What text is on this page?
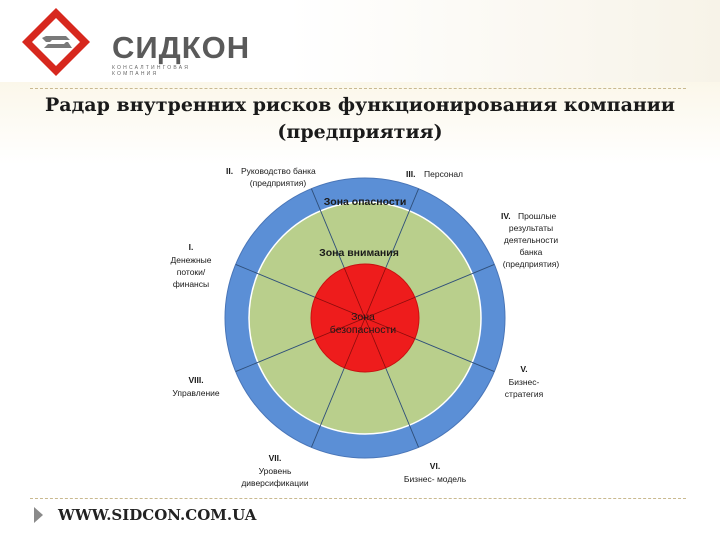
СИДКОН
КОНСАЛТИНГОВАЯ КОМПАНИЯ
Радар внутренних рисков функционирования компании (предприятия)
Зона опасности
Зона внимания
Зона
безопасности
I.
Денежные
потоки/
финансы
II. Руководство банка
(предприятия)
III. Персонал
IV. Прошлые
результаты
деятельности
банка
(предприятия)
V.
Бизнес-
стратегия
VI.
Бизнес- модель
VII.
Уровень
диверсификации
VIII.
Управление
WWW.SIDCON.COM.UA
